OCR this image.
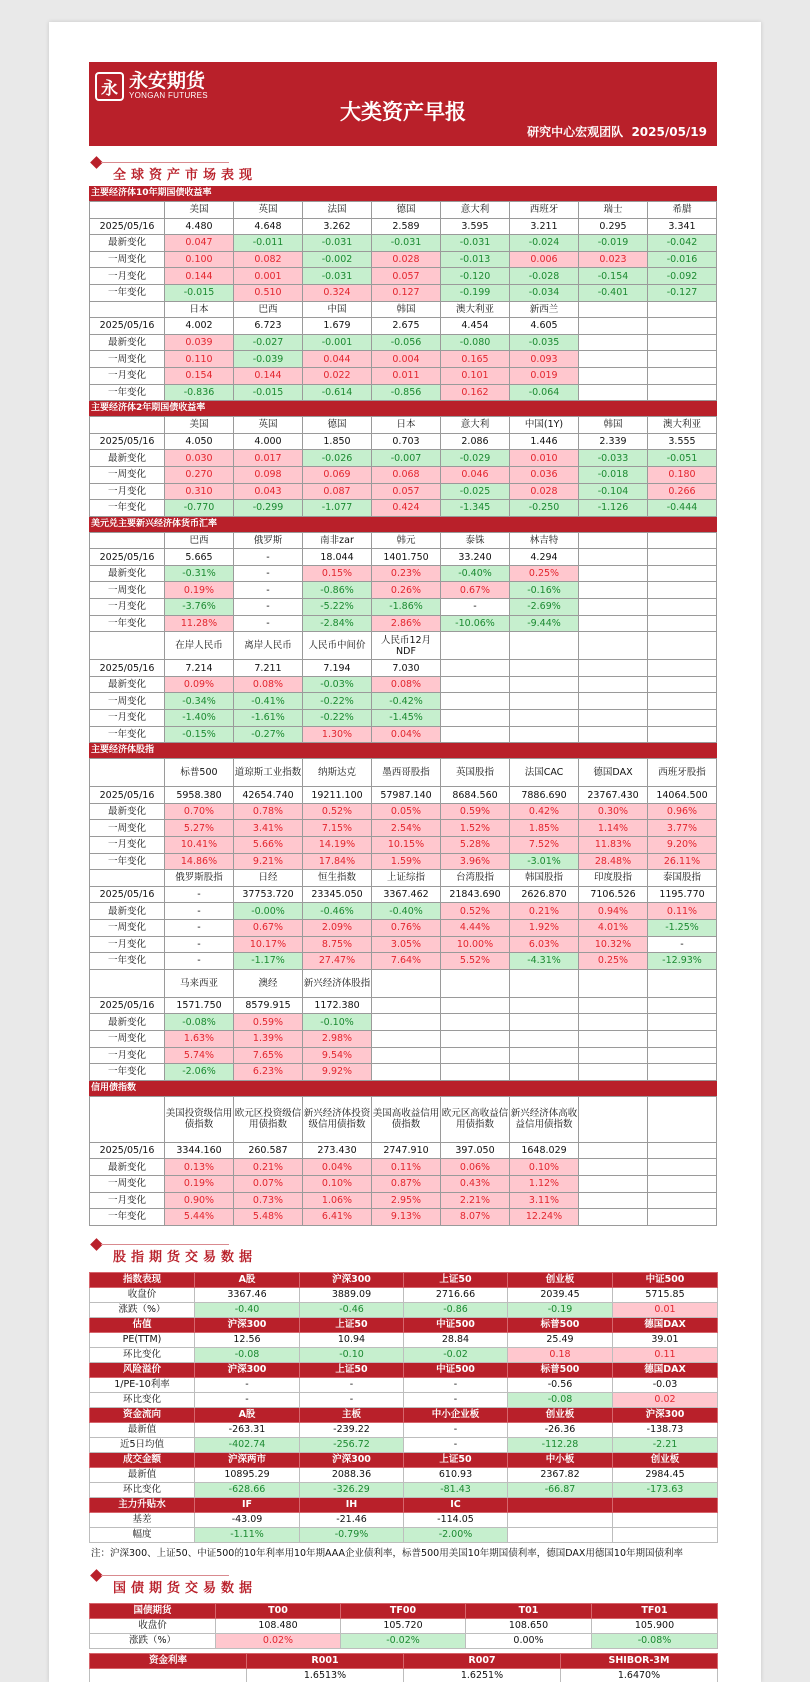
永 永安期货
YONGAN FUTURES
大类资产早报
研究中心宏观团队 2025/05/19
全球资产市场表现
主要经济体10年期国债收益率
	美国	英国	法国	德国	意大利	西班牙	瑞士	希腊
2025/05/16	4.480	4.648	3.262	2.589	3.595	3.211	0.295	3.341
最新变化	0.047	-0.011	-0.031	-0.031	-0.031	-0.024	-0.019	-0.042
一周变化	0.100	0.082	-0.002	0.028	-0.013	0.006	0.023	-0.016
一月变化	0.144	0.001	-0.031	0.057	-0.120	-0.028	-0.154	-0.092
一年变化	-0.015	0.510	0.324	0.127	-0.199	-0.034	-0.401	-0.127
	日本	巴西	中国	韩国	澳大利亚	新西兰		
2025/05/16	4.002	6.723	1.679	2.675	4.454	4.605		
最新变化	0.039	-0.027	-0.001	-0.056	-0.080	-0.035		
一周变化	0.110	-0.039	0.044	0.004	0.165	0.093		
一月变化	0.154	0.144	0.022	0.011	0.101	0.019		
一年变化	-0.836	-0.015	-0.614	-0.856	0.162	-0.064		
主要经济体2年期国债收益率
	美国	英国	德国	日本	意大利	中国(1Y)	韩国	澳大利亚
2025/05/16	4.050	4.000	1.850	0.703	2.086	1.446	2.339	3.555
最新变化	0.030	0.017	-0.026	-0.007	-0.029	0.010	-0.033	-0.051
一周变化	0.270	0.098	0.069	0.068	0.046	0.036	-0.018	0.180
一月变化	0.310	0.043	0.087	0.057	-0.025	0.028	-0.104	0.266
一年变化	-0.770	-0.299	-1.077	0.424	-1.345	-0.250	-1.126	-0.444
美元兑主要新兴经济体货币汇率
	巴西	俄罗斯	南非zar	韩元	泰铢	林吉特		
2025/05/16	5.665	-	18.044	1401.750	33.240	4.294		
最新变化	-0.31%	-	0.15%	0.23%	-0.40%	0.25%		
一周变化	0.19%	-	-0.86%	0.26%	0.67%	-0.16%		
一月变化	-3.76%	-	-5.22%	-1.86%	-	-2.69%		
一年变化	11.28%	-	-2.84%	2.86%	-10.06%	-9.44%		
	在岸人民币	离岸人民币	人民币中间价	人民币12月NDF				
2025/05/16	7.214	7.211	7.194	7.030				
最新变化	0.09%	0.08%	-0.03%	0.08%				
一周变化	-0.34%	-0.41%	-0.22%	-0.42%				
一月变化	-1.40%	-1.61%	-0.22%	-1.45%				
一年变化	-0.15%	-0.27%	1.30%	0.04%				
主要经济体股指
	标普500	道琼斯工业指数	纳斯达克	墨西哥股指	英国股指	法国CAC	德国DAX	西班牙股指
2025/05/16	5958.380	42654.740	19211.100	57987.140	8684.560	7886.690	23767.430	14064.500
最新变化	0.70%	0.78%	0.52%	0.05%	0.59%	0.42%	0.30%	0.96%
一周变化	5.27%	3.41%	7.15%	2.54%	1.52%	1.85%	1.14%	3.77%
一月变化	10.41%	5.66%	14.19%	10.15%	5.28%	7.52%	11.83%	9.20%
一年变化	14.86%	9.21%	17.84%	1.59%	3.96%	-3.01%	28.48%	26.11%
	俄罗斯股指	日经	恒生指数	上证综指	台湾股指	韩国股指	印度股指	泰国股指
2025/05/16	-	37753.720	23345.050	3367.462	21843.690	2626.870	7106.526	1195.770
最新变化	-	-0.00%	-0.46%	-0.40%	0.52%	0.21%	0.94%	0.11%
一周变化	-	0.67%	2.09%	0.76%	4.44%	1.92%	4.01%	-1.25%
一月变化	-	10.17%	8.75%	3.05%	10.00%	6.03%	10.32%	-
一年变化	-	-1.17%	27.47%	7.64%	5.52%	-4.31%	0.25%	-12.93%
	马来西亚	澳经	新兴经济体股指					
2025/05/16	1571.750	8579.915	1172.380					
最新变化	-0.08%	0.59%	-0.10%					
一周变化	1.63%	1.39%	2.98%					
一月变化	5.74%	7.65%	9.54%					
一年变化	-2.06%	6.23%	9.92%					
信用债指数
	美国投资级信用债指数	欧元区投资级信用债指数	新兴经济体投资级信用债指数	美国高收益信用债指数	欧元区高收益信用债指数	新兴经济体高收益信用债指数		
2025/05/16	3344.160	260.587	273.430	2747.910	397.050	1648.029		
最新变化	0.13%	0.21%	0.04%	0.11%	0.06%	0.10%		
一周变化	0.19%	0.07%	0.10%	0.87%	0.43%	1.12%		
一月变化	0.90%	0.73%	1.06%	2.95%	2.21%	3.11%		
一年变化	5.44%	5.48%	6.41%	9.13%	8.07%	12.24%		
股指期货交易数据
指数表现	A股	沪深300	上证50	创业板	中证500
收盘价	3367.46	3889.09	2716.66	2039.45	5715.85
涨跌（%）	-0.40	-0.46	-0.86	-0.19	0.01
估值	沪深300	上证50	中证500	标普500	德国DAX
PE(TTM)	12.56	10.94	28.84	25.49	39.01
环比变化	-0.08	-0.10	-0.02	0.18	0.11
风险溢价	沪深300	上证50	中证500	标普500	德国DAX
1/PE-10利率	-	-	-	-0.56	-0.03
环比变化	-	-	-	-0.08	0.02
资金流向	A股	主板	中小企业板	创业板	沪深300
最新值	-263.31	-239.22	-	-26.36	-138.73
近5日均值	-402.74	-256.72	-	-112.28	-2.21
成交金额	沪深两市	沪深300	上证50	中小板	创业板
最新值	10895.29	2088.36	610.93	2367.82	2984.45
环比变化	-628.66	-326.29	-81.43	-66.87	-173.63
主力升贴水	IF	IH	IC		
基差	-43.09	-21.46	-114.05		
幅度	-1.11%	-0.79%	-2.00%		
注：沪深300、上证50、中证500的10年利率用10年期AAA企业债利率，标普500用美国10年期国债利率，德国DAX用德国10年期国债利率
国债期货交易数据
国债期货	T00	TF00	T01	TF01
收盘价	108.480	105.720	108.650	105.900
涨跌（%）	0.02%	-0.02%	0.00%	-0.08%
资金利率	R001	R007	SHIBOR-3M
	1.6513%	1.6251%	1.6470%
